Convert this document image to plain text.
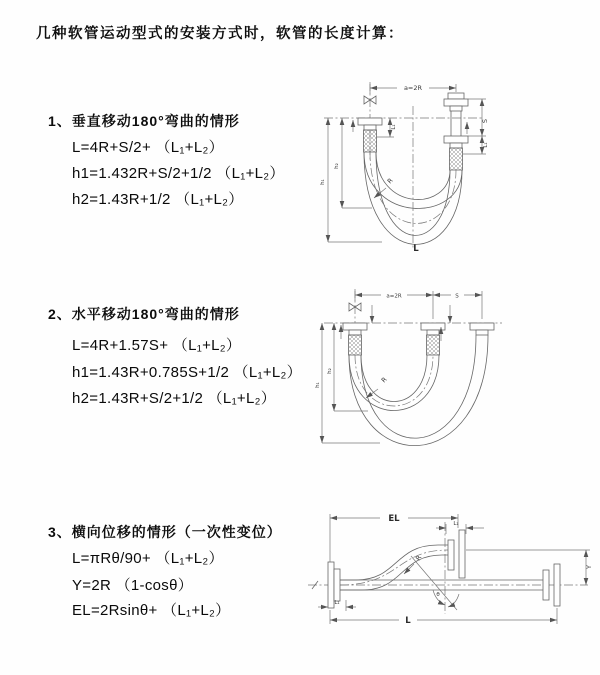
几种软管运动型式的安装方式时，软管的长度计算：
1、垂直移动180°弯曲的情形
L=4R+S/2+ （L₁+L₂）
h1=1.432R+S/2+1/2 （L₁+L₂）
h2=1.43R+1/2 （L₁+L₂）
2、水平移动180°弯曲的情形
L=4R+1.57S+ （L₁+L₂）
h1=1.43R+0.785S+1/2 （L₁+L₂）
h2=1.43R+S/2+1/2 （L₁+L₂）
3、横向位移的情形（一次性变位）
L=πRθ/90+ （L₁+L₂）
Y=2R （1-cosθ）
EL=2Rsinθ+ （L₁+L₂）
a=2R
S
L₁
L₁
h₁
h₂
R
L
a=2R	S
h₁
h₂
R
θ
EL	L₁
Y
R
L₁
L
